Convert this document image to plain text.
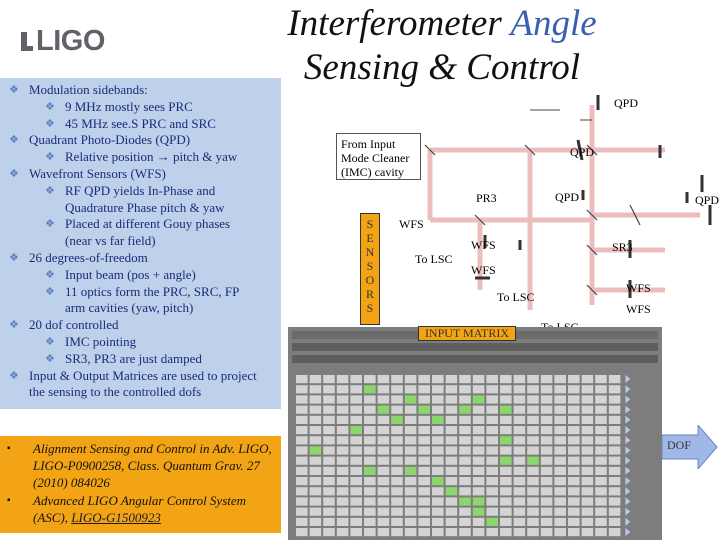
LIGO	Interferometer Angle
Sensing & Control
❖ Modulation sidebands:
❖ 9 MHz mostly sees PRC
❖ 45 MHz see.S PRC and SRC
❖ Quadrant Photo-Diodes (QPD)
❖ Relative position → pitch & yaw
❖ Wavefront Sensors (WFS)
❖ RF QPD yields In-Phase and
Quadrature Phase pitch & yaw
❖ Placed at different Gouy phases
(near vs far field)
❖ 26 degrees-of-freedom
❖ Input beam (pos + angle)
❖ 11 optics form the PRC, SRC, FP
arm cavities (yaw, pitch)
❖ 20 dof controlled
❖ IMC pointing
❖ SR3, PR3 are just damped
❖ Input & Output Matrices are used to project
the sensing to the controlled dofs
▪ Alignment Sensing and Control in Adv. LIGO, LIGO-P0900258, Class. Quantum Grav. 27 (2010) 084026
▪ Advanced LIGO Angular Control System (ASC), LIGO-G1500923
QPD
QPD
QPD	QPD
PR3
SR3
WFS
WFS
WFS
WFS
WFS
To LSC
To LSC
From Input Mode Cleaner (IMC) cavity
S
E
N
S
O
R
S
INPUT MATRIX
DOF
